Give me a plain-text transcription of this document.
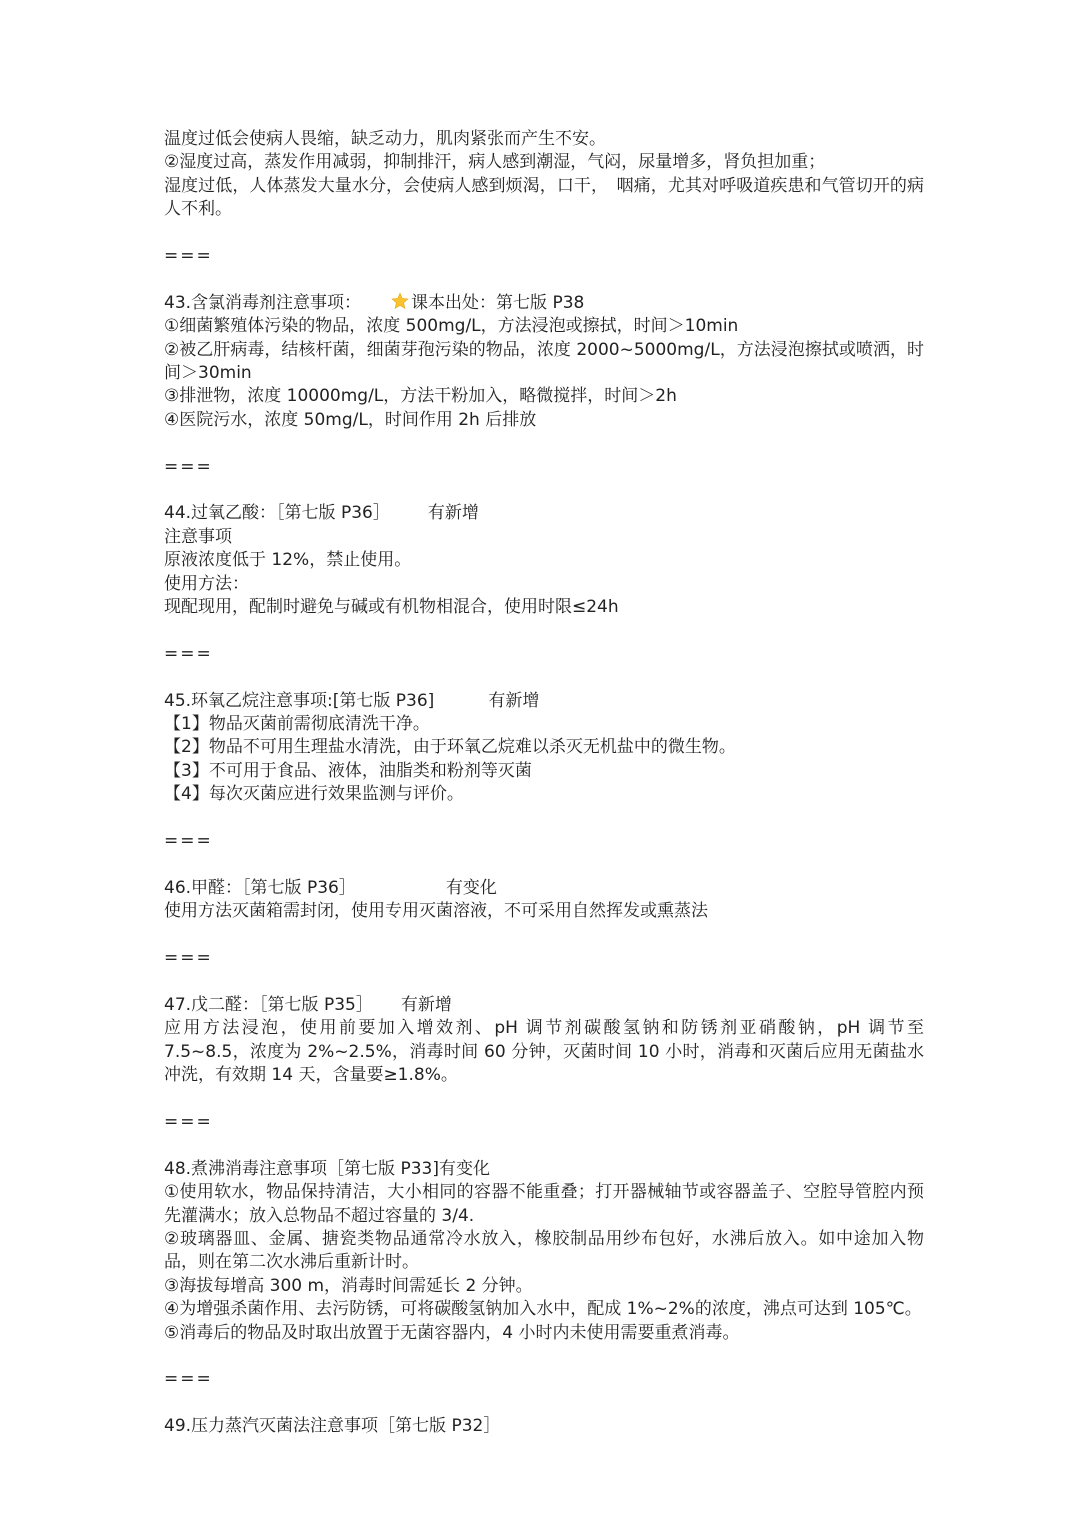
温度过低会使病人畏缩，缺乏动力，肌肉紧张而产生不安。
②湿度过高，蒸发作用减弱，抑制排汗，病人感到潮湿，气闷，尿量增多，肾负担加重；
湿度过低，人体蒸发大量水分，会使病人感到烦渴，口干，　咽痛，尤其对呼吸道疾患和气管切开的病人不利。
===
43.含氯消毒剂注意事项：	课本出处：第七版 P38
①细菌繁殖体污染的物品，浓度 500mg/L，方法浸泡或擦拭，时间＞10min
②被乙肝病毒，结核杆菌，细菌芽孢污染的物品，浓度 2000~5000mg/L，方法浸泡擦拭或喷洒，时间＞30min
③排泄物，浓度 10000mg/L，方法干粉加入，略微搅拌，时间＞2h
④医院污水，浓度 50mg/L，时间作用 2h 后排放
===
44.过氧乙酸：［第七版 P36］ 有新增
注意事项
原液浓度低于 12%，禁止使用。
使用方法：
现配现用，配制时避免与碱或有机物相混合，使用时限≤24h
===
45.环氧乙烷注意事项:[第七版 P36]	有新增
【1】物品灭菌前需彻底清洗干净。
【2】物品不可用生理盐水清洗，由于环氧乙烷难以杀灭无机盐中的微生物。
【3】不可用于食品、液体，油脂类和粉剂等灭菌
【4】每次灭菌应进行效果监测与评价。
===
46.甲醛：［第七版 P36］	有变化
使用方法灭菌箱需封闭，使用专用灭菌溶液，不可采用自然挥发或熏蒸法
===
47.戊二醛：［第七版 P35］ 有新增
应用方法浸泡，使用前要加入增效剂、pH 调节剂碳酸氢钠和防锈剂亚硝酸钠，pH 调节至 7.5~8.5，浓度为 2%~2.5%，消毒时间 60 分钟，灭菌时间 10 小时，消毒和灭菌后应用无菌盐水冲洗，有效期 14 天，含量要≥1.8%。
===
48.煮沸消毒注意事项［第七版 P33]有变化
①使用软水，物品保持清洁，大小相同的容器不能重叠；打开器械轴节或容器盖子、空腔导管腔内预先灌满水；放入总物品不超过容量的 3/4.
②玻璃器皿、金属、搪瓷类物品通常冷水放入，橡胶制品用纱布包好，水沸后放入。如中途加入物品，则在第二次水沸后重新计时。
③海拔每增高 300 m，消毒时间需延长 2 分钟。
④为增强杀菌作用、去污防锈，可将碳酸氢钠加入水中，配成 1%~2%的浓度，沸点可达到 105℃。
⑤消毒后的物品及时取出放置于无菌容器内，4 小时内未使用需要重煮消毒。
===
49.压力蒸汽灭菌法注意事项［第七版 P32］
